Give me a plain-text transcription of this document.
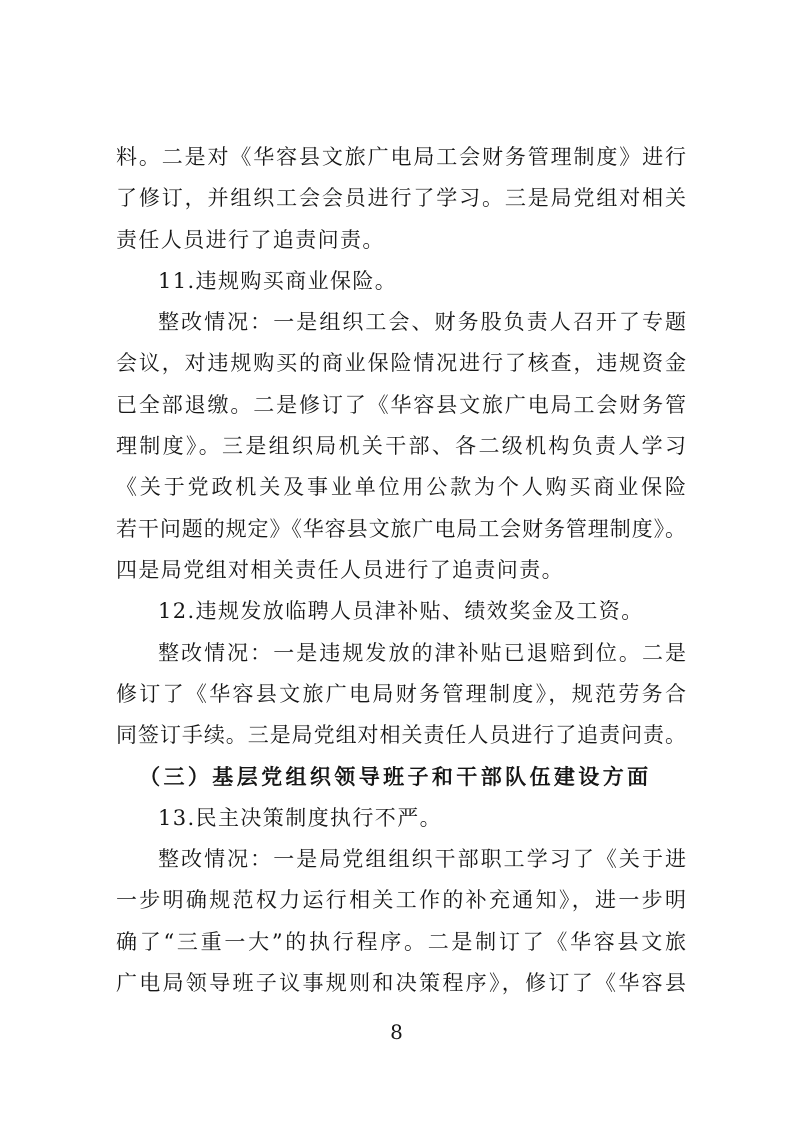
料。二是对《华容县文旅广电局工会财务管理制度》进行
了修订，并组织工会会员进行了学习。三是局党组对相关
责任人员进行了追责问责。
11.违规购买商业保险。
整改情况：一是组织工会、财务股负责人召开了专题
会议，对违规购买的商业保险情况进行了核查，违规资金
已全部退缴。二是修订了《华容县文旅广电局工会财务管
理制度》。三是组织局机关干部、各二级机构负责人学习
《关于党政机关及事业单位用公款为个人购买商业保险
若干问题的规定》《华容县文旅广电局工会财务管理制度》。
四是局党组对相关责任人员进行了追责问责。
12.违规发放临聘人员津补贴、绩效奖金及工资。
整改情况：一是违规发放的津补贴已退赔到位。二是
修订了《华容县文旅广电局财务管理制度》，规范劳务合
同签订手续。三是局党组对相关责任人员进行了追责问责。
（三）基层党组织领导班子和干部队伍建设方面
13.民主决策制度执行不严。
整改情况：一是局党组组织干部职工学习了《关于进
一步明确规范权力运行相关工作的补充通知》，进一步明
确了“三重一大”的执行程序。二是制订了《华容县文旅
广电局领导班子议事规则和决策程序》，修订了《华容县
8
